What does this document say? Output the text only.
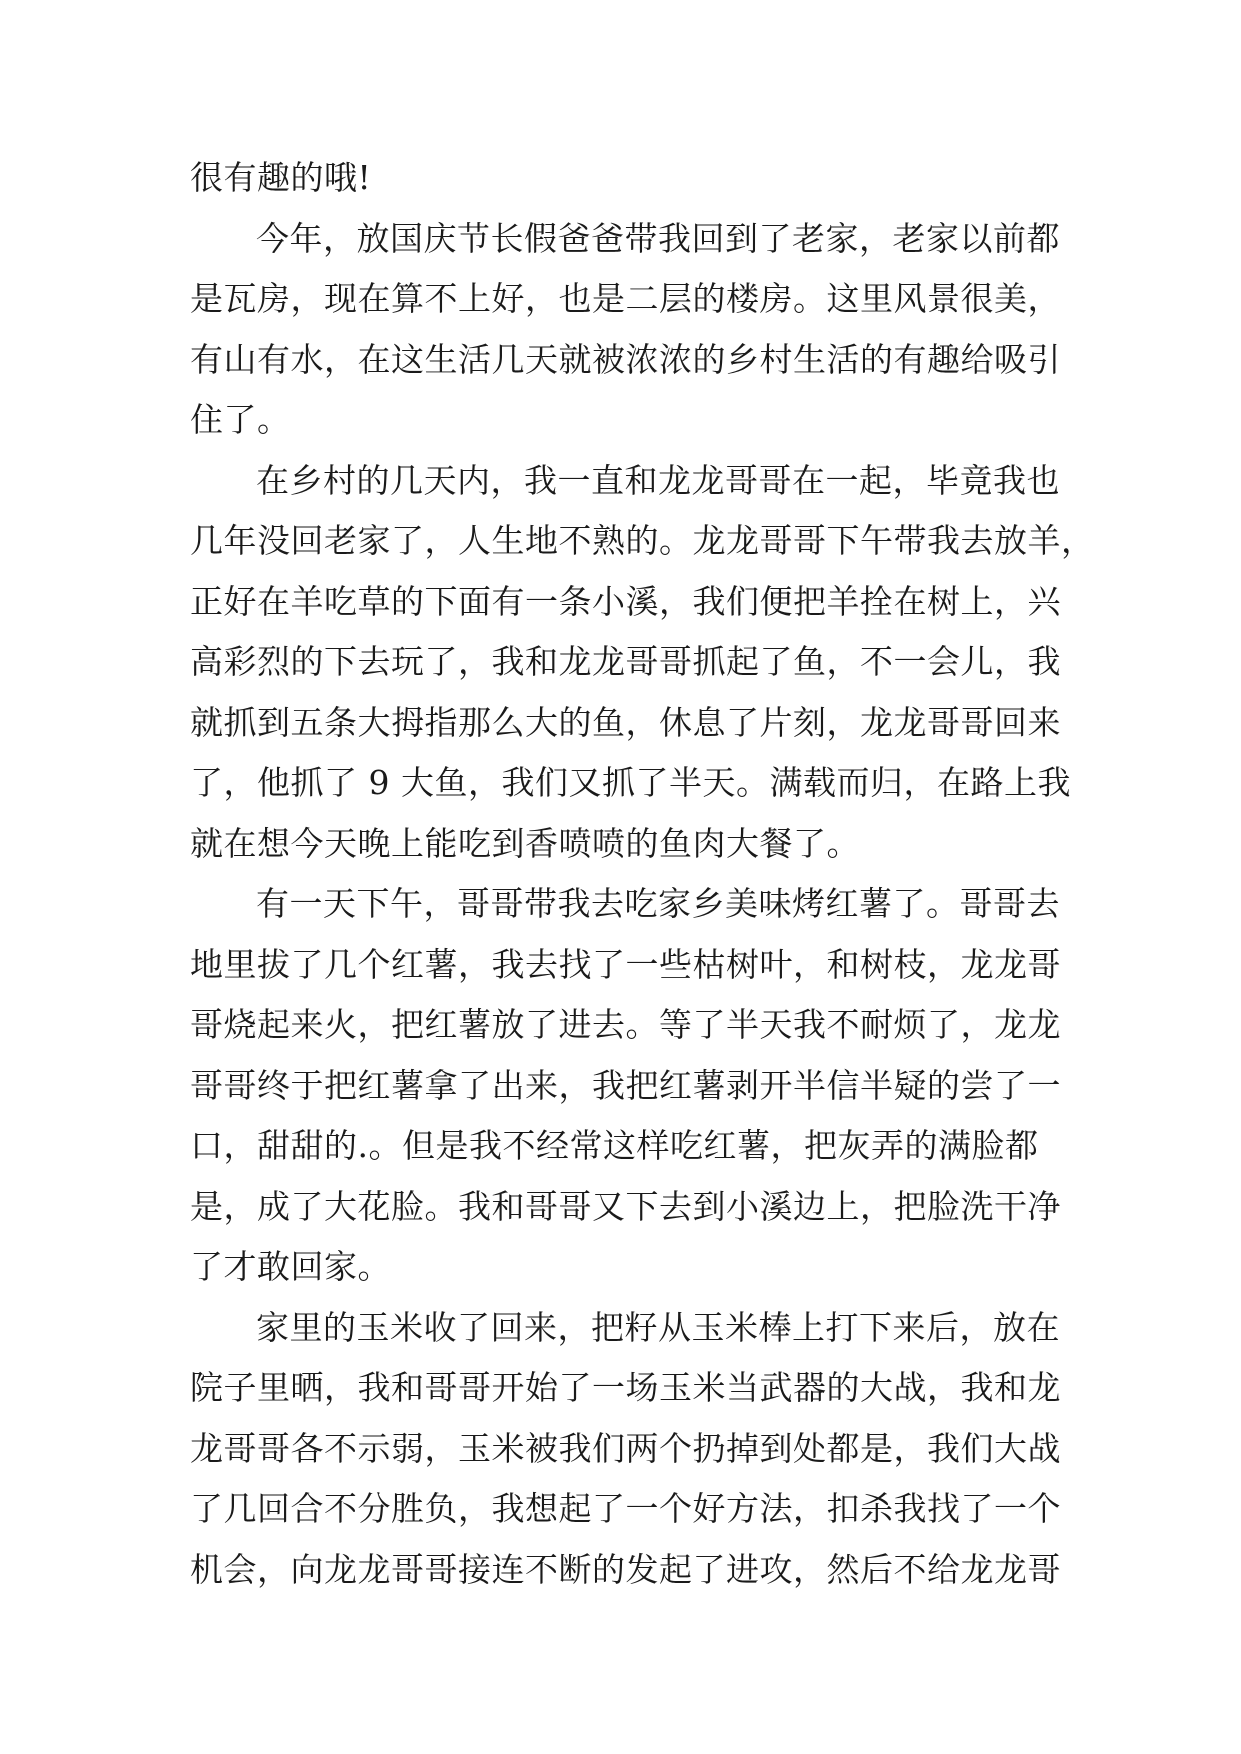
很有趣的哦!

今年，放国庆节长假爸爸带我回到了老家，老家以前都

是瓦房，现在算不上好，也是二层的楼房。这里风景很美，

有山有水，在这生活几天就被浓浓的乡村生活的有趣给吸引

住了。

在乡村的几天内，我一直和龙龙哥哥在一起，毕竟我也

几年没回老家了，人生地不熟的。龙龙哥哥下午带我去放羊，

正好在羊吃草的下面有一条小溪，我们便把羊拴在树上，兴

高彩烈的下去玩了，我和龙龙哥哥抓起了鱼，不一会儿，我

就抓到五条大拇指那么大的鱼，休息了片刻，龙龙哥哥回来

了，他抓了 9 大鱼，我们又抓了半天。满载而归，在路上我

就在想今天晚上能吃到香喷喷的鱼肉大餐了。

有一天下午，哥哥带我去吃家乡美味烤红薯了。哥哥去

地里拔了几个红薯，我去找了一些枯树叶，和树枝，龙龙哥

哥烧起来火，把红薯放了进去。等了半天我不耐烦了，龙龙

哥哥终于把红薯拿了出来，我把红薯剥开半信半疑的尝了一

口，甜甜的.。但是我不经常这样吃红薯，把灰弄的满脸都

是，成了大花脸。我和哥哥又下去到小溪边上，把脸洗干净

了才敢回家。

家里的玉米收了回来，把籽从玉米棒上打下来后，放在

院子里晒，我和哥哥开始了一场玉米当武器的大战，我和龙

龙哥哥各不示弱，玉米被我们两个扔掉到处都是，我们大战

了几回合不分胜负，我想起了一个好方法，扣杀我找了一个

机会，向龙龙哥哥接连不断的发起了进攻，然后不给龙龙哥
